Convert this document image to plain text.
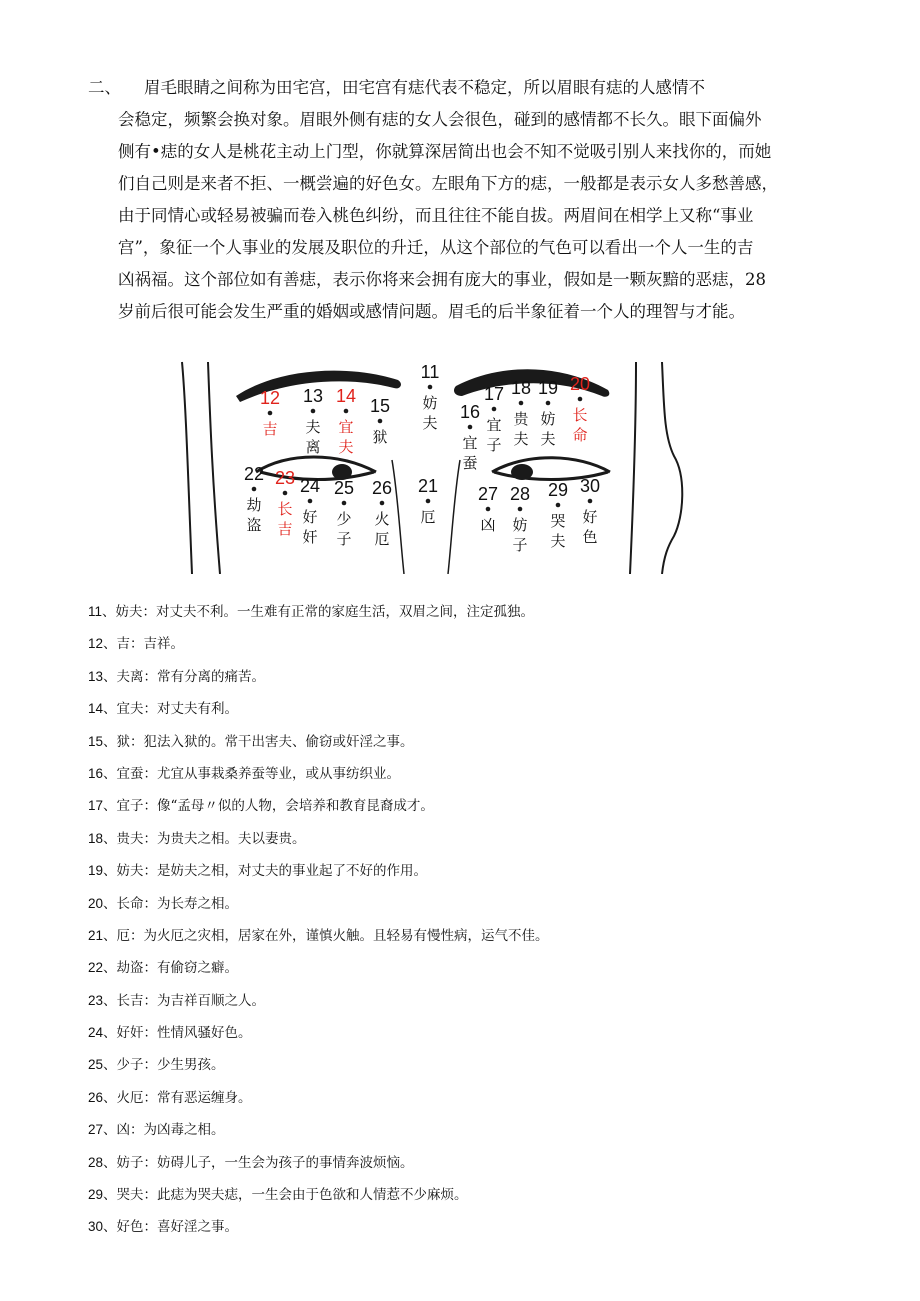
二、	眉毛眼睛之间称为田宅宫，田宅宫有痣代表不稳定，所以眉眼有痣的人感情不
会稳定，频繁会换对象。眉眼外侧有痣的女人会很色，碰到的感情都不长久。眼下面偏外
侧有•痣的女人是桃花主动上门型，你就算深居简出也会不知不觉吸引别人来找你的，而她
们自己则是来者不拒、一概尝遍的好色女。左眼角下方的痣，一般都是表示女人多愁善感，
由于同情心或轻易被骗而卷入桃色纠纷，而且往往不能自拔。两眉间在相学上又称“事业
宫”，象征一个人事业的发展及职位的升迁，从这个部位的气色可以看出一个人一生的吉
凶祸福。这个部位如有善痣，表示你将来会拥有庞大的事业，假如是一颗灰黯的恶痣，28
岁前后很可能会发生严重的婚姻或感情问题。眉毛的后半象征着一个人的理智与才能。
11
妨
夫
12
吉
13
夫
离
14
宜
夫
15
狱
16
宜
蚕
17
宜
子
18
贵
夫
19
妨
夫
20
长
命
21
厄
22
劫
盗
23
长
吉
24
好
奸
25
少
子
26
火
厄
27
凶
28
妨
子
29
哭
夫
30
好
色
11、妨夫：对丈夫不利。一生难有正常的家庭生活，双眉之间，注定孤独。
12、吉：吉祥。
13、夫离：常有分离的痛苦。
14、宜夫：对丈夫有利。
15、狱：犯法入狱的。常干出害夫、偷窃或奸淫之事。
16、宜蚕：尤宜从事栽桑养蚕等业，或从事纺织业。
17、宜子：像“孟母〃似的人物，会培养和教育昆裔成才。
18、贵夫：为贵夫之相。夫以妻贵。
19、妨夫：是妨夫之相，对丈夫的事业起了不好的作用。
20、长命：为长寿之相。
21、厄：为火厄之灾相，居家在外，谨慎火触。且轻易有慢性病，运气不佳。
22、劫盗：有偷窃之癖。
23、长吉：为吉祥百顺之人。
24、好奸：性情风骚好色。
25、少子：少生男孩。
26、火厄：常有恶运缠身。
27、凶：为凶毒之相。
28、妨子：妨碍儿子，一生会为孩子的事情奔波烦恼。
29、哭夫：此痣为哭夫痣，一生会由于色欲和人情惹不少麻烦。
30、好色：喜好淫之事。
